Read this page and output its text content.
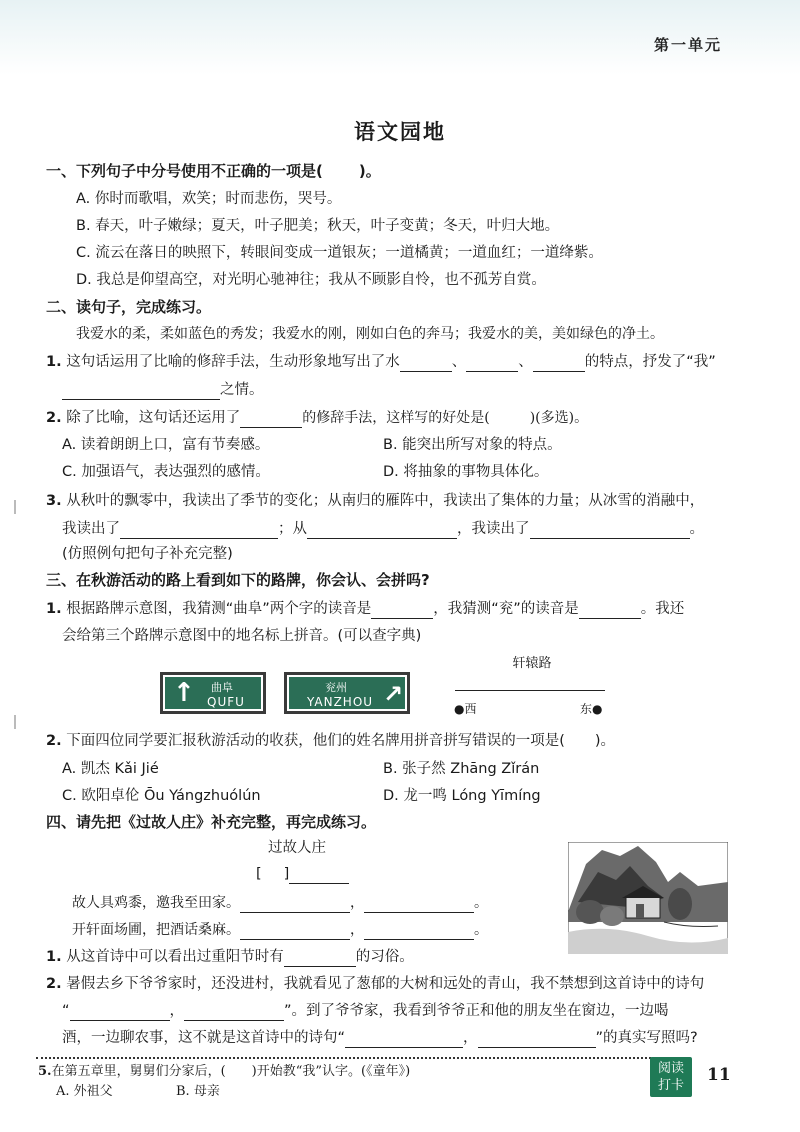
第一单元
语文园地
一、下列句子中分号使用不正确的一项是( )。
A. 你时而歌唱，欢笑；时而悲伤，哭号。
B. 春天，叶子嫩绿；夏天，叶子肥美；秋天，叶子变黄；冬天，叶归大地。
C. 流云在落日的映照下，转眼间变成一道银灰；一道橘黄；一道血红；一道绛紫。
D. 我总是仰望高空，对光明心驰神往；我从不顾影自怜，也不孤芳自赏。
二、读句子，完成练习。
我爱水的柔，柔如蓝色的秀发；我爱水的刚，刚如白色的奔马；我爱水的美，美如绿色的净土。
1. 这句话运用了比喻的修辞手法，生动形象地写出了水	、	、	的特点，抒发了“我”
之情。
2. 除了比喻，这句话还运用了	的修辞手法，这样写的好处是(	)(多选)。
A. 读着朗朗上口，富有节奏感。	B. 能突出所写对象的特点。
C. 加强语气，表达强烈的感情。	D. 将抽象的事物具体化。
3. 从秋叶的飘零中，我读出了季节的变化；从南归的雁阵中，我读出了集体的力量；从冰雪的消融中，
我读出了	；从	，我读出了	。
(仿照例句把句子补充完整)
三、在秋游活动的路上看到如下的路牌，你会认、会拼吗?
1. 根据路牌示意图，我猜测“曲阜”两个字的读音是	，我猜测“兖”的读音是	。我还
会给第三个路牌示意图中的地名标上拼音。(可以查字典)
↑ 曲阜
QUFU
兖州
YANZHOU ↗
轩辕路
●西	东●
2. 下面四位同学要汇报秋游活动的收获，他们的姓名牌用拼音拼写错误的一项是( )。
A. 凯杰 Kǎi Jié	B. 张子然 Zhāng Zǐrán
C. 欧阳卓伦 Ōu Yángzhuólún	D. 龙一鸣 Lóng Yīmíng
四、请先把《过故人庄》补充完整，再完成练习。
过故人庄
[ ]
故人具鸡黍，邀我至田家。	，	。
开轩面场圃，把酒话桑麻。	，	。
1. 从这首诗中可以看出过重阳节时有	的习俗。
2. 暑假去乡下爷爷家时，还没进村，我就看见了葱郁的大树和远处的青山，我不禁想到这首诗中的诗句
“	，	”。到了爷爷家，我看到爷爷正和他的朋友坐在窗边，一边喝
酒，一边聊农事，这不就是这首诗中的诗句“	，	”的真实写照吗?
5.在第五章里，舅舅们分家后，( )开始教“我”认字。(《童年》)
A. 外祖父	B. 母亲
阅读
打卡
11
